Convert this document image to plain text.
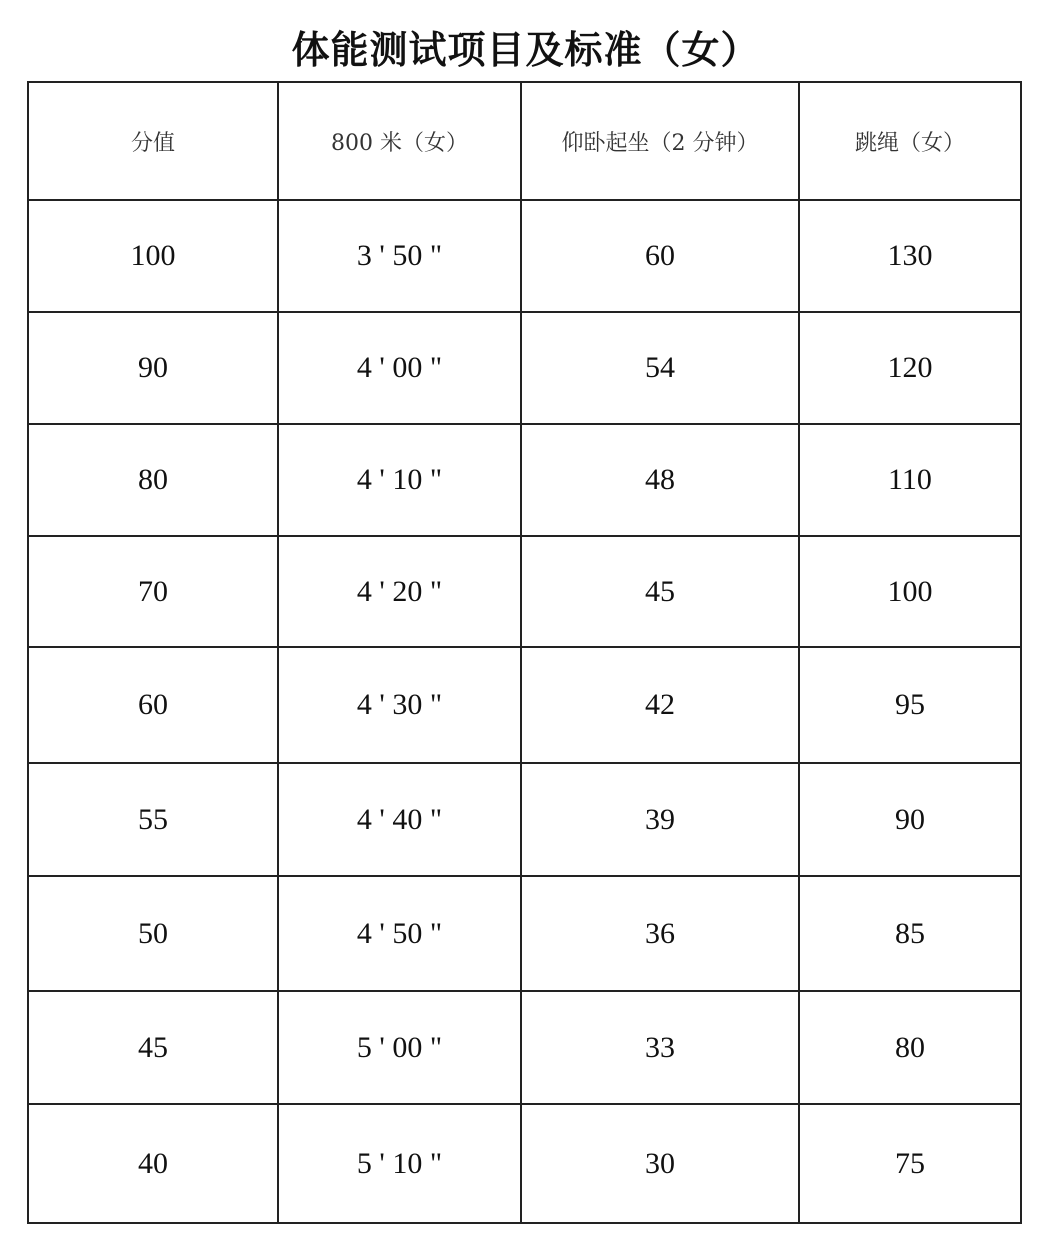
体能测试项目及标准（女）
分值	800 米（女）	仰卧起坐（2 分钟）	跳绳（女）
100	3 ' 50 "	60	130
90	4 ' 00 "	54	120
80	4 ' 10 "	48	110
70	4 ' 20 "	45	100
60	4 ' 30 "	42	95
55	4 ' 40 "	39	90
50	4 ' 50 "	36	85
45	5 ' 00 "	33	80
40	5 ' 10 "	30	75
